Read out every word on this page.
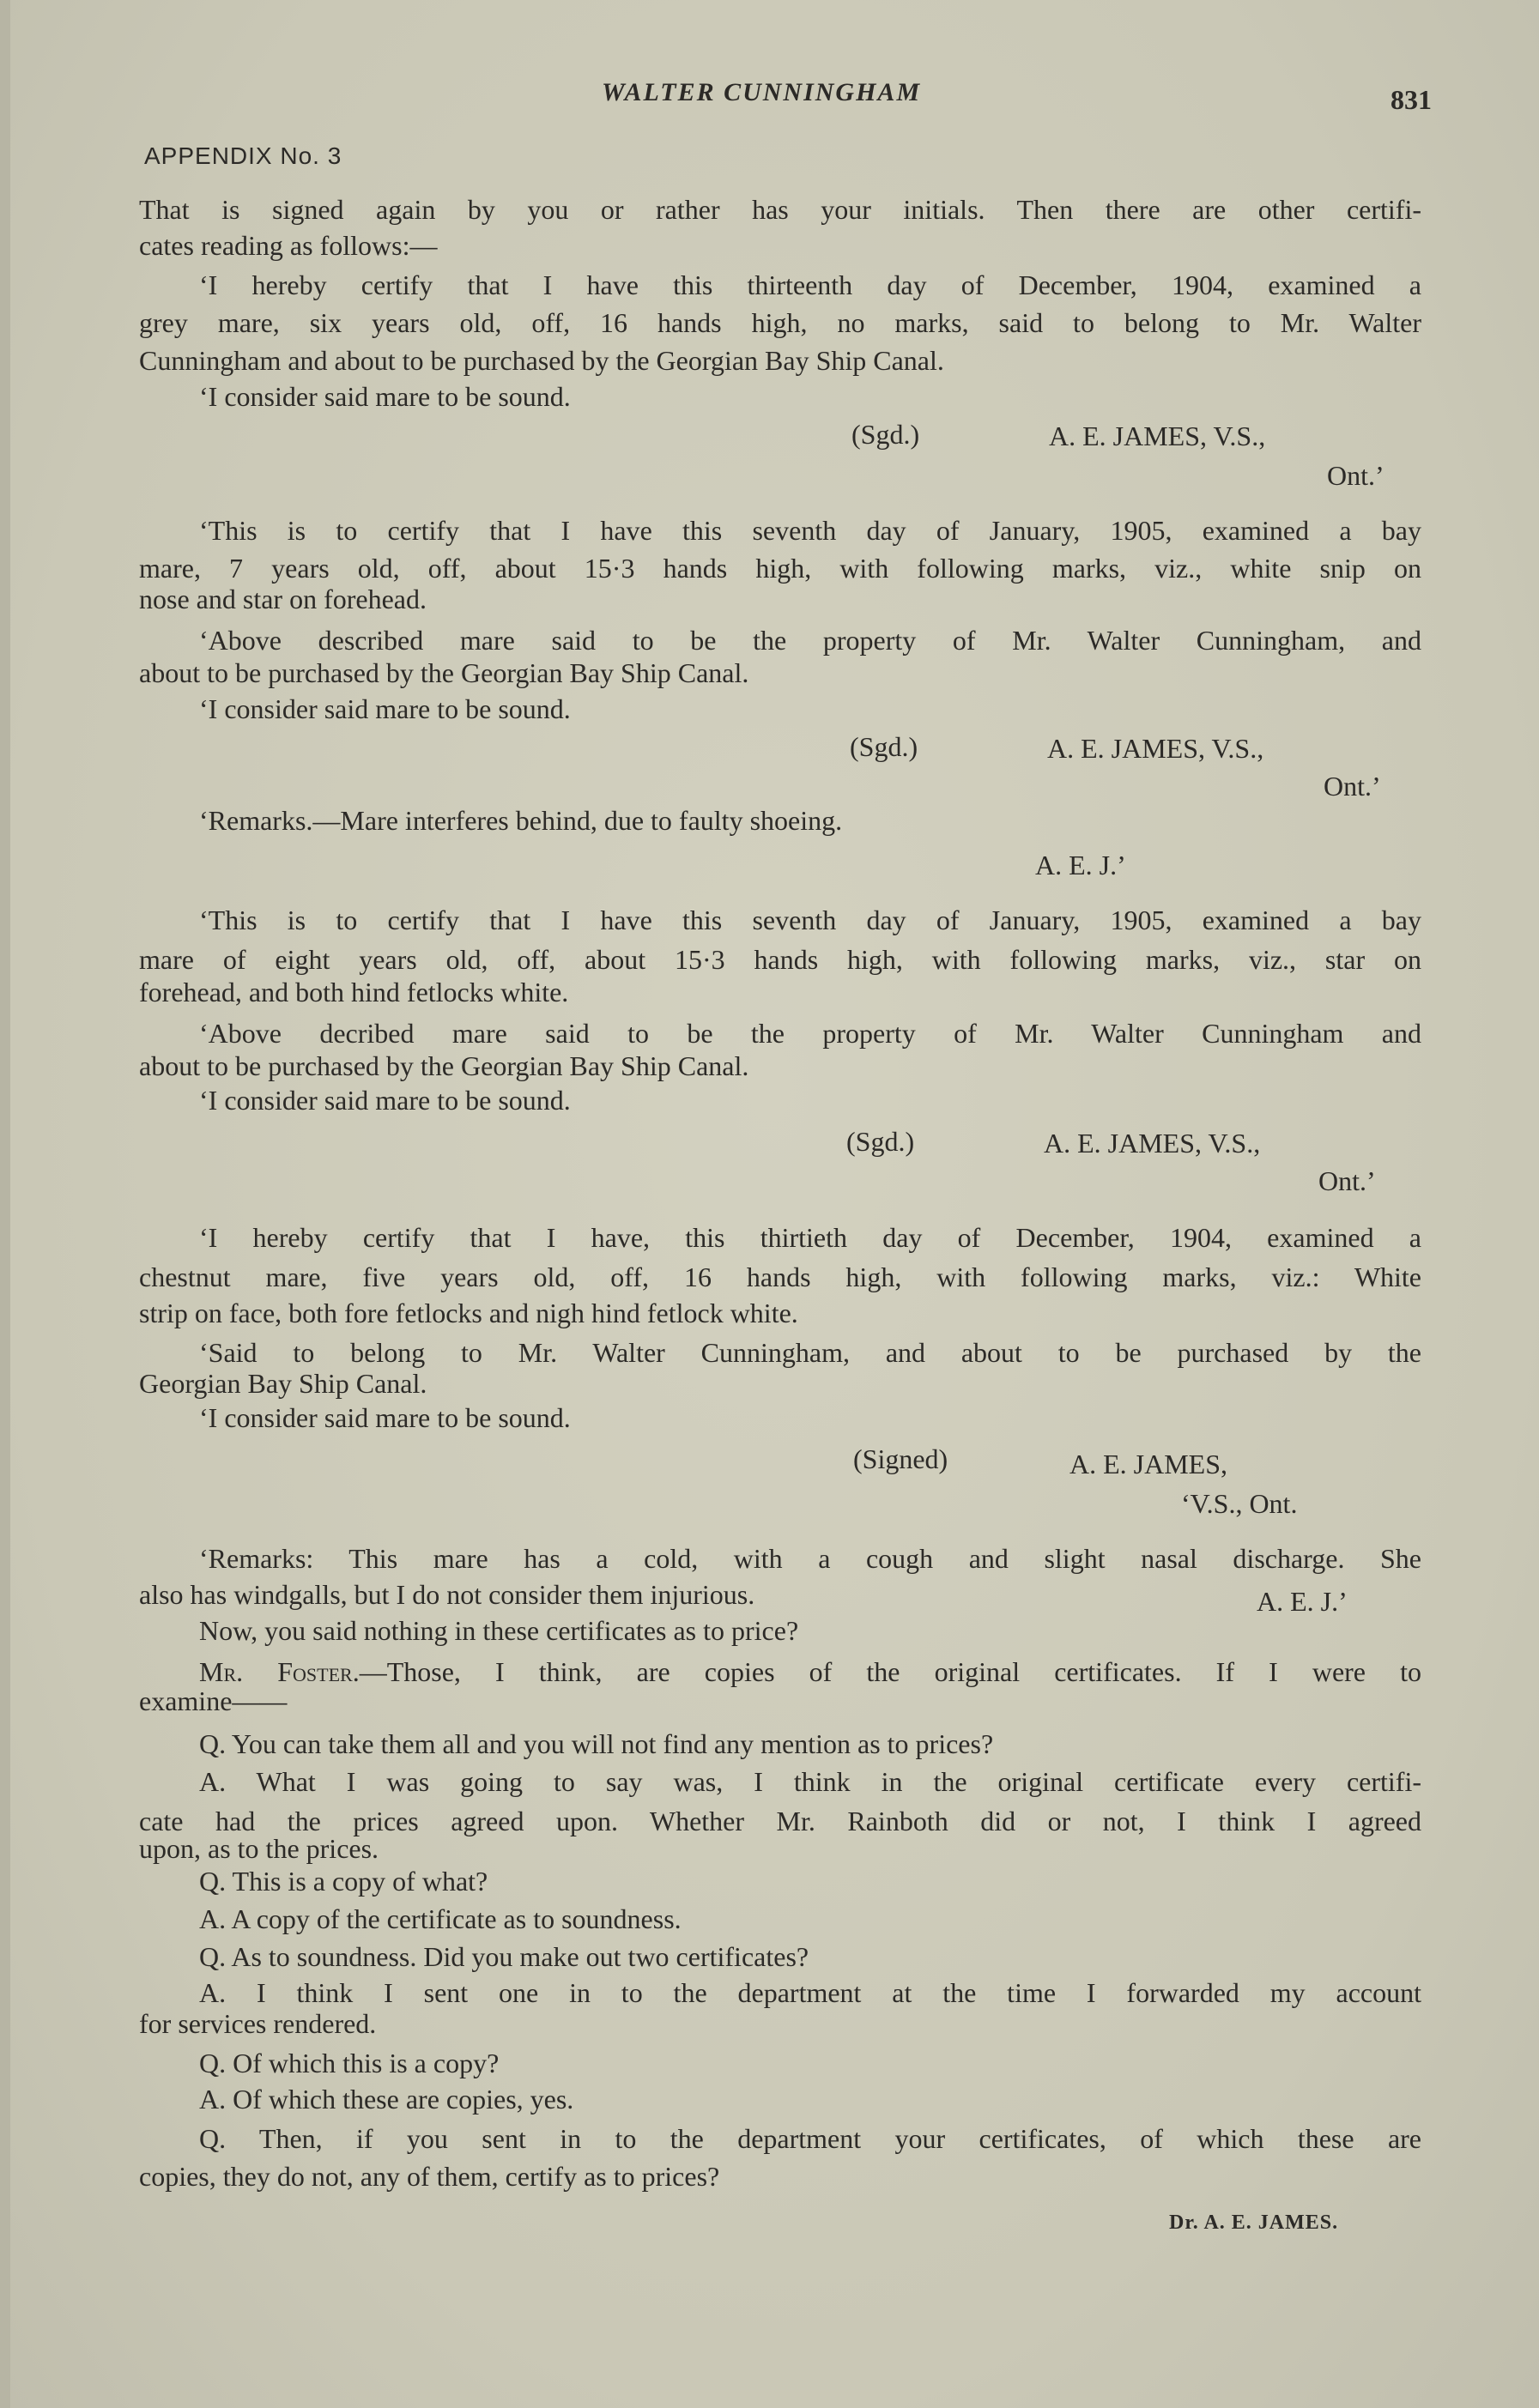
WALTER CUNNINGHAM	831
APPENDIX No. 3
That is signed again by you or rather has your initials. Then there are other certifi-
cates reading as follows:—
‘I hereby certify that I have this thirteenth day of December, 1904, examined a
grey mare, six years old, off, 16 hands high, no marks, said to belong to Mr. Walter
Cunningham and about to be purchased by the Georgian Bay Ship Canal.
‘I consider said mare to be sound.
(Sgd.)	A. E. JAMES, V.S.,
Ont.’
‘This is to certify that I have this seventh day of January, 1905, examined a bay
mare, 7 years old, off, about 15·3 hands high, with following marks, viz., white snip on
nose and star on forehead.
‘Above described mare said to be the property of Mr. Walter Cunningham, and
about to be purchased by the Georgian Bay Ship Canal.
‘I consider said mare to be sound.
(Sgd.)	A. E. JAMES, V.S.,
Ont.’
‘Remarks.—Mare interferes behind, due to faulty shoeing.
A. E. J.’
‘This is to certify that I have this seventh day of January, 1905, examined a bay
mare of eight years old, off, about 15·3 hands high, with following marks, viz., star on
forehead, and both hind fetlocks white.
‘Above decribed mare said to be the property of Mr. Walter Cunningham and
about to be purchased by the Georgian Bay Ship Canal.
‘I consider said mare to be sound.
(Sgd.)	A. E. JAMES, V.S.,
Ont.’
‘I hereby certify that I have, this thirtieth day of December, 1904, examined a
chestnut mare, five years old, off, 16 hands high, with following marks, viz.: White
strip on face, both fore fetlocks and nigh hind fetlock white.
‘Said to belong to Mr. Walter Cunningham, and about to be purchased by the
Georgian Bay Ship Canal.
‘I consider said mare to be sound.
(Signed)	A. E. JAMES,
‘V.S., Ont.
‘Remarks: This mare has a cold, with a cough and slight nasal discharge. She
also has windgalls, but I do not consider them injurious.	A. E. J.’
Now, you said nothing in these certificates as to price?
Mr. Foster.—Those, I think, are copies of the original certificates. If I were to
examine——
Q. You can take them all and you will not find any mention as to prices?
A. What I was going to say was, I think in the original certificate every certifi-
cate had the prices agreed upon. Whether Mr. Rainboth did or not, I think I agreed
upon, as to the prices.
Q. This is a copy of what?
A. A copy of the certificate as to soundness.
Q. As to soundness. Did you make out two certificates?
A. I think I sent one in to the department at the time I forwarded my account
for services rendered.
Q. Of which this is a copy?
A. Of which these are copies, yes.
Q. Then, if you sent in to the department your certificates, of which these are
copies, they do not, any of them, certify as to prices?
Dr. A. E. JAMES.
